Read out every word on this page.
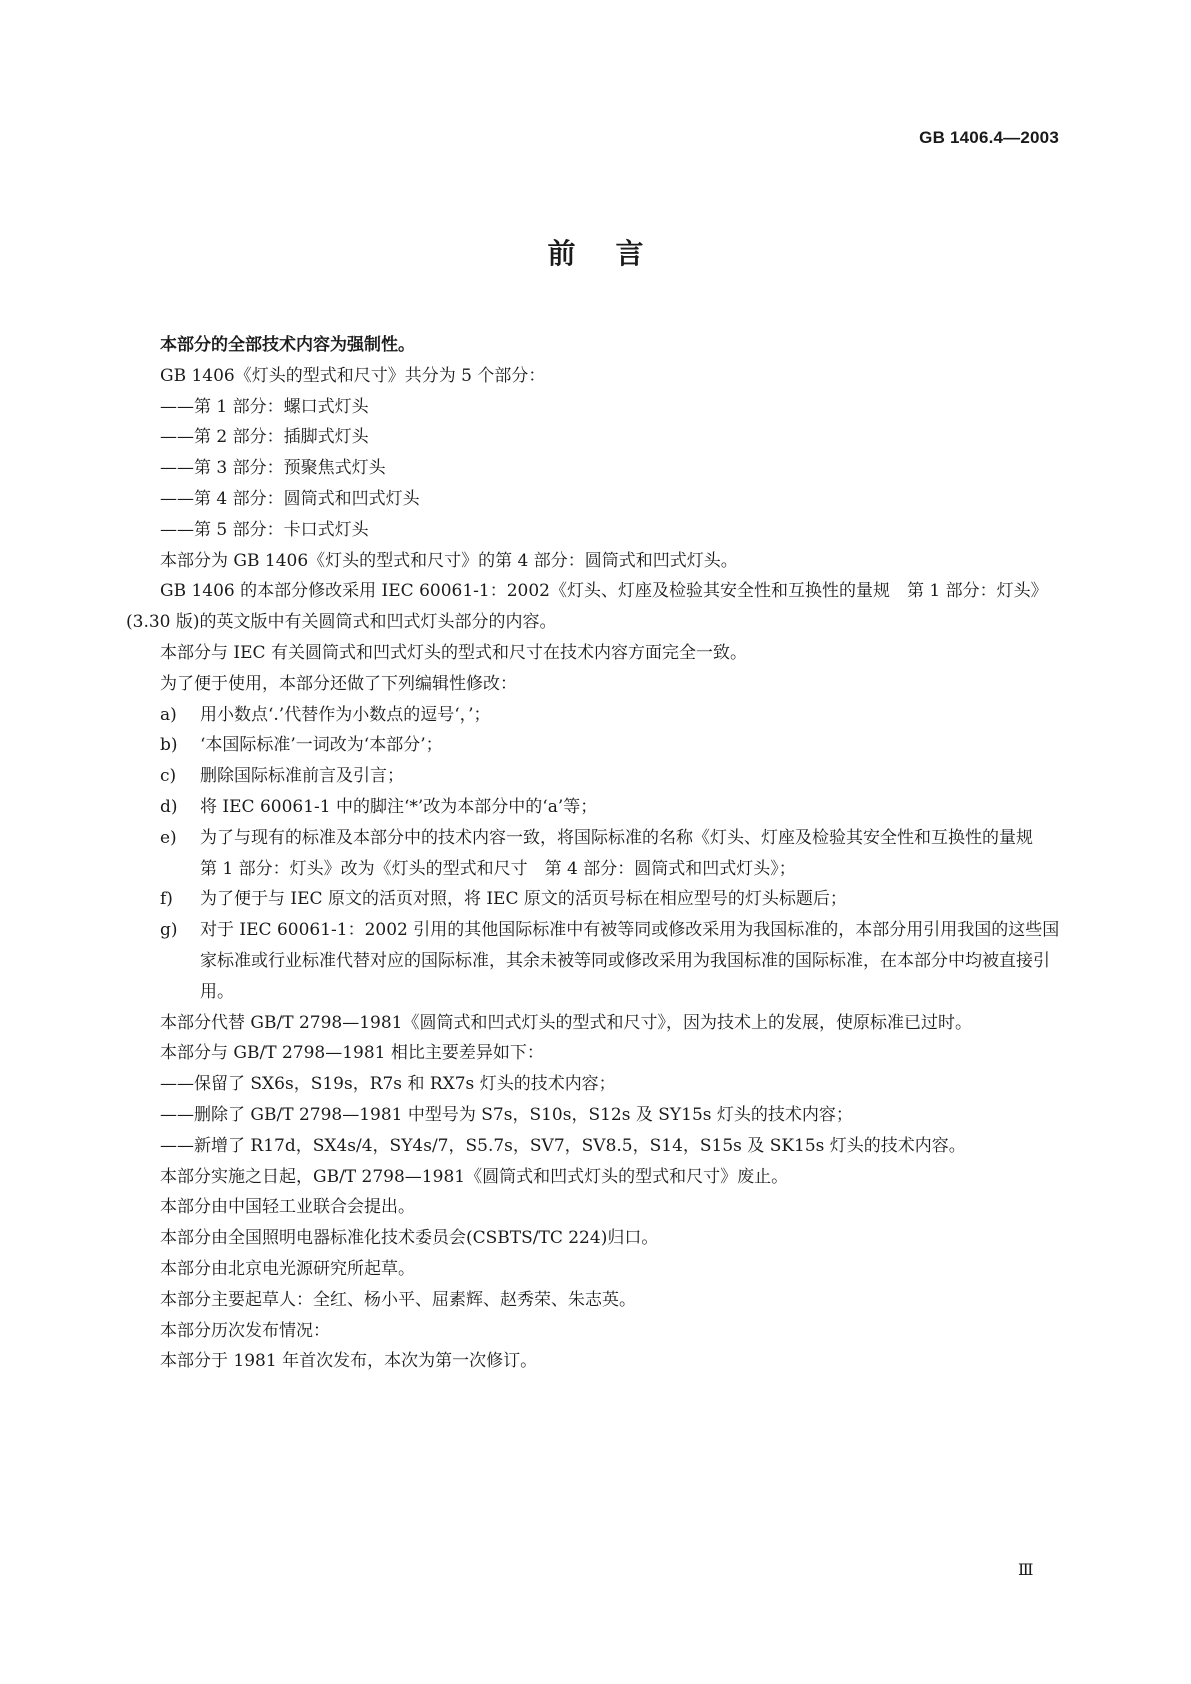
GB 1406.4—2003
前言

本部分的全部技术内容为强制性。

GB 1406《灯头的型式和尺寸》共分为 5 个部分：

——第 1 部分：螺口式灯头

——第 2 部分：插脚式灯头

——第 3 部分：预聚焦式灯头

——第 4 部分：圆筒式和凹式灯头

——第 5 部分：卡口式灯头

本部分为 GB 1406《灯头的型式和尺寸》的第 4 部分：圆筒式和凹式灯头。

GB 1406 的本部分修改采用 IEC 60061-1：2002《灯头、灯座及检验其安全性和互换性的量规　第 1 部分：灯头》(3.30 版)的英文版中有关圆筒式和凹式灯头部分的内容。

本部分与 IEC 有关圆筒式和凹式灯头的型式和尺寸在技术内容方面完全一致。

为了便于使用，本部分还做了下列编辑性修改：

a)	用小数点‘.’代替作为小数点的逗号‘，’；
b)	‘本国际标准’一词改为‘本部分’；
c)	删除国际标准前言及引言；
d)	将 IEC 60061-1 中的脚注‘*’改为本部分中的‘a’等；
e)	为了与现有的标准及本部分中的技术内容一致，将国际标准的名称《灯头、灯座及检验其安全性和互换性的量规　第 1 部分：灯头》改为《灯头的型式和尺寸　第 4 部分：圆筒式和凹式灯头》；
f)	为了便于与 IEC 原文的活页对照，将 IEC 原文的活页号标在相应型号的灯头标题后；
g)	对于 IEC 60061-1：2002 引用的其他国际标准中有被等同或修改采用为我国标准的，本部分用引用我国的这些国家标准或行业标准代替对应的国际标准，其余未被等同或修改采用为我国标准的国际标准，在本部分中均被直接引用。

本部分代替 GB/T 2798—1981《圆筒式和凹式灯头的型式和尺寸》，因为技术上的发展，使原标准已过时。

本部分与 GB/T 2798—1981 相比主要差异如下：

——保留了 SX6s，S19s，R7s 和 RX7s 灯头的技术内容；

——删除了 GB/T 2798—1981 中型号为 S7s，S10s，S12s 及 SY15s 灯头的技术内容；

——新增了 R17d，SX4s/4，SY4s/7，S5.7s，SV7，SV8.5，S14，S15s 及 SK15s 灯头的技术内容。

本部分实施之日起，GB/T 2798—1981《圆筒式和凹式灯头的型式和尺寸》废止。

本部分由中国轻工业联合会提出。

本部分由全国照明电器标准化技术委员会(CSBTS/TC 224)归口。

本部分由北京电光源研究所起草。

本部分主要起草人：全红、杨小平、屈素辉、赵秀荣、朱志英。

本部分历次发布情况：

本部分于 1981 年首次发布，本次为第一次修订。

Ⅲ
